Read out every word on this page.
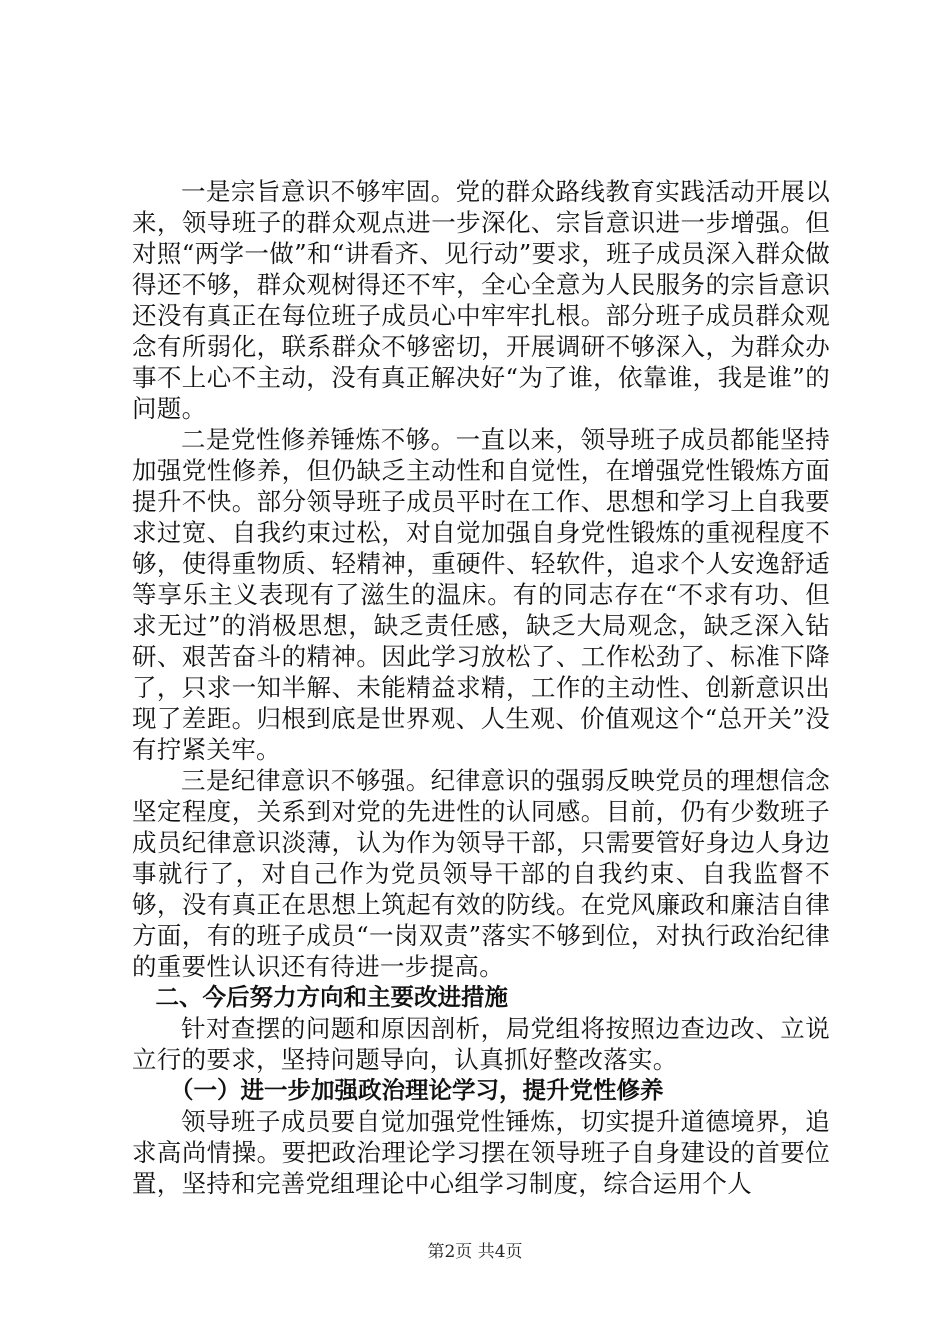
一是宗旨意识不够牢固。党的群众路线教育实践活动开展以来，领导班子的群众观点进一步深化、宗旨意识进一步增强。但对照“两学一做”和“讲看齐、见行动”要求，班子成员深入群众做得还不够，群众观树得还不牢，全心全意为人民服务的宗旨意识还没有真正在每位班子成员心中牢牢扎根。部分班子成员群众观念有所弱化，联系群众不够密切，开展调研不够深入，为群众办事不上心不主动，没有真正解决好“为了谁，依靠谁，我是谁”的问题。

二是党性修养锤炼不够。一直以来，领导班子成员都能坚持加强党性修养，但仍缺乏主动性和自觉性，在增强党性锻炼方面提升不快。部分领导班子成员平时在工作、思想和学习上自我要求过宽、自我约束过松，对自觉加强自身党性锻炼的重视程度不够，使得重物质、轻精神，重硬件、轻软件，追求个人安逸舒适等享乐主义表现有了滋生的温床。有的同志存在“不求有功、但求无过”的消极思想，缺乏责任感，缺乏大局观念，缺乏深入钻研、艰苦奋斗的精神。因此学习放松了、工作松劲了、标准下降了，只求一知半解、未能精益求精，工作的主动性、创新意识出现了差距。归根到底是世界观、人生观、价值观这个“总开关”没有拧紧关牢。

三是纪律意识不够强。纪律意识的强弱反映党员的理想信念坚定程度，关系到对党的先进性的认同感。目前，仍有少数班子成员纪律意识淡薄，认为作为领导干部，只需要管好身边人身边事就行了，对自己作为党员领导干部的自我约束、自我监督不够，没有真正在思想上筑起有效的防线。在党风廉政和廉洁自律方面，有的班子成员“一岗双责”落实不够到位，对执行政治纪律的重要性认识还有待进一步提高。

二、今后努力方向和主要改进措施

针对查摆的问题和原因剖析，局党组将按照边查边改、立说立行的要求，坚持问题导向，认真抓好整改落实。

（一）进一步加强政治理论学习，提升党性修养

领导班子成员要自觉加强党性锤炼，切实提升道德境界，追求高尚情操。要把政治理论学习摆在领导班子自身建设的首要位置，坚持和完善党组理论中心组学习制度，综合运用个人

第2页 共4页
